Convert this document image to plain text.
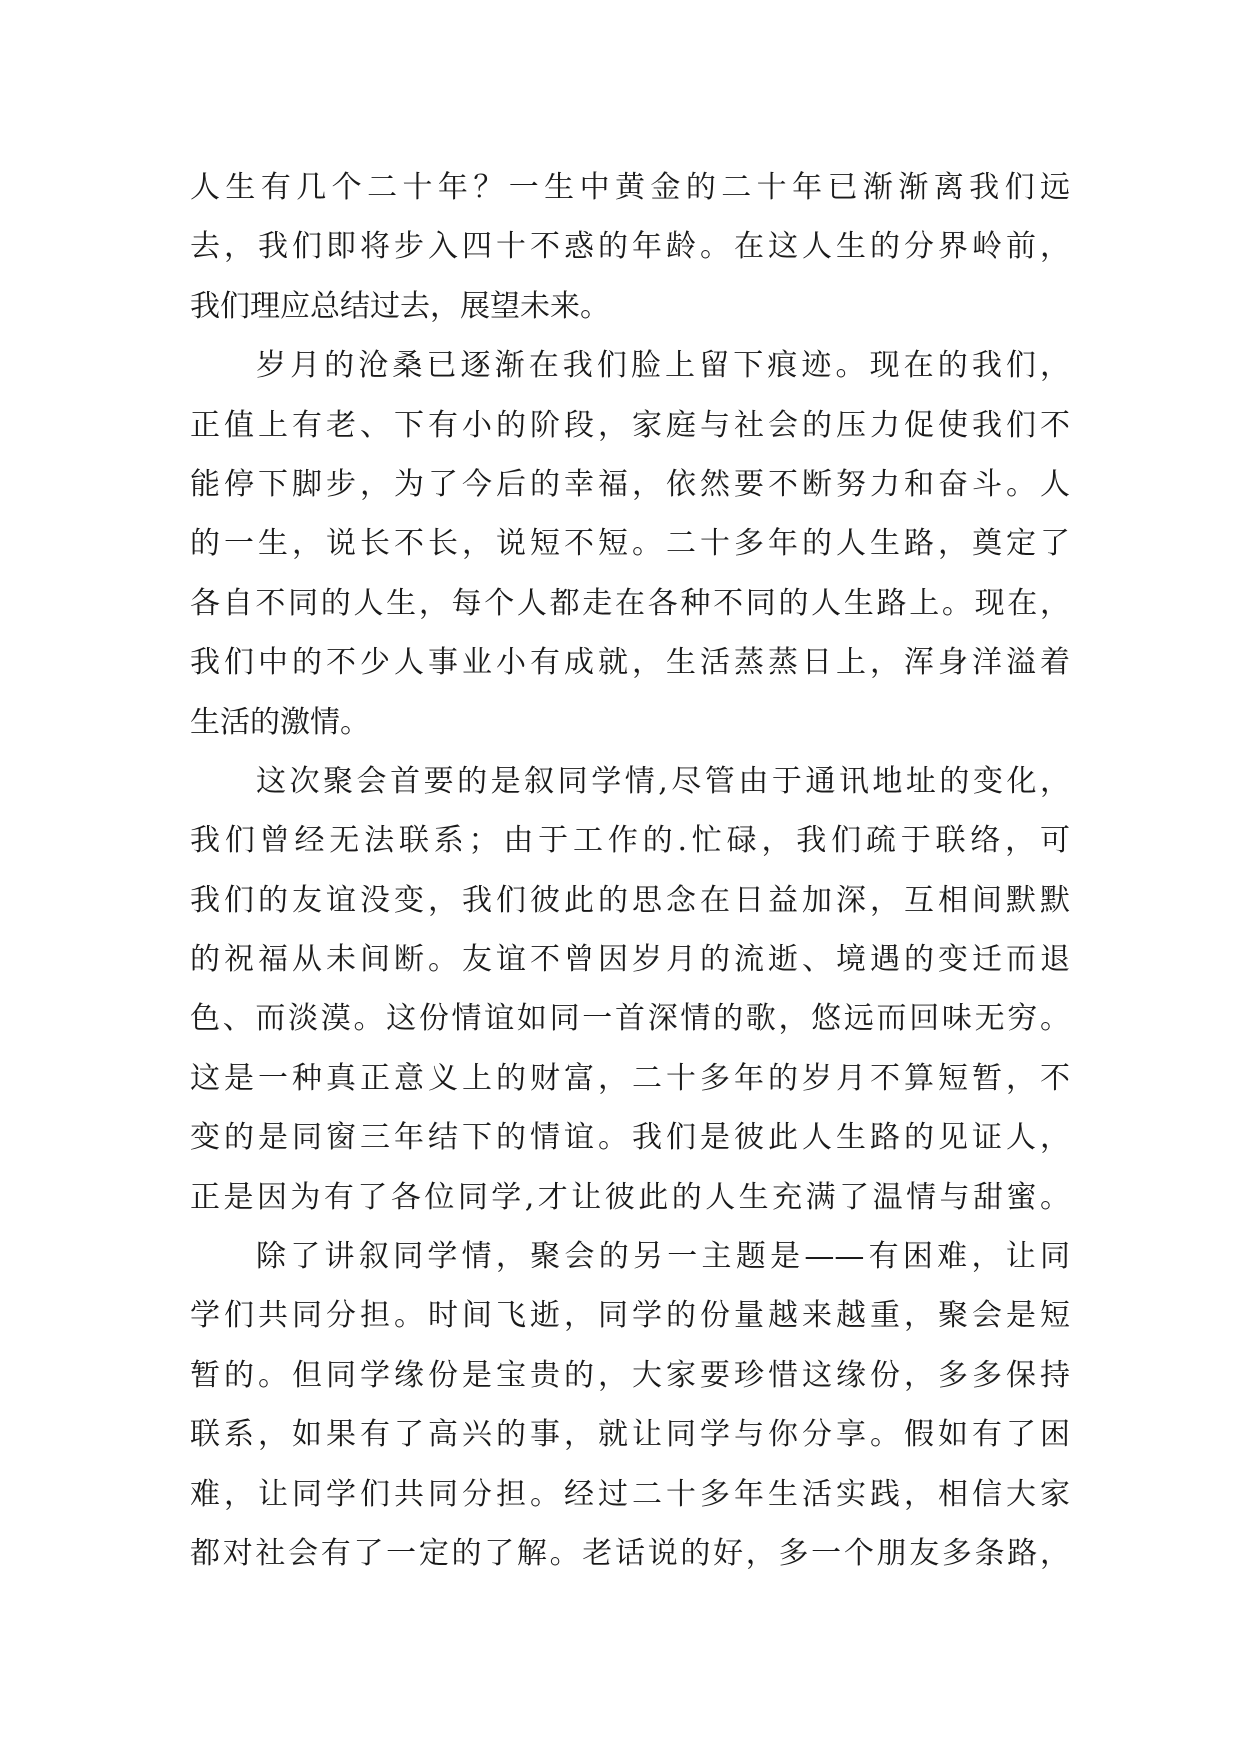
人生有几个二十年？一生中黄金的二十年已渐渐离我们远
去，我们即将步入四十不惑的年龄。在这人生的分界岭前，
我们理应总结过去，展望未来。
岁月的沧桑已逐渐在我们脸上留下痕迹。现在的我们，
正值上有老、下有小的阶段，家庭与社会的压力促使我们不
能停下脚步，为了今后的幸福，依然要不断努力和奋斗。人
的一生，说长不长，说短不短。二十多年的人生路，奠定了
各自不同的人生，每个人都走在各种不同的人生路上。现在，
我们中的不少人事业小有成就，生活蒸蒸日上，浑身洋溢着
生活的激情。
这次聚会首要的是叙同学情,尽管由于通讯地址的变化，
我们曾经无法联系；由于工作的.忙碌，我们疏于联络，可
我们的友谊没变，我们彼此的思念在日益加深，互相间默默
的祝福从未间断。友谊不曾因岁月的流逝、境遇的变迁而退
色、而淡漠。这份情谊如同一首深情的歌，悠远而回味无穷。
这是一种真正意义上的财富，二十多年的岁月不算短暂，不
变的是同窗三年结下的情谊。我们是彼此人生路的见证人，
正是因为有了各位同学,才让彼此的人生充满了温情与甜蜜。
除了讲叙同学情，聚会的另一主题是——有困难，让同
学们共同分担。时间飞逝，同学的份量越来越重，聚会是短
暂的。但同学缘份是宝贵的，大家要珍惜这缘份，多多保持
联系，如果有了高兴的事，就让同学与你分享。假如有了困
难，让同学们共同分担。经过二十多年生活实践，相信大家
都对社会有了一定的了解。老话说的好，多一个朋友多条路，
